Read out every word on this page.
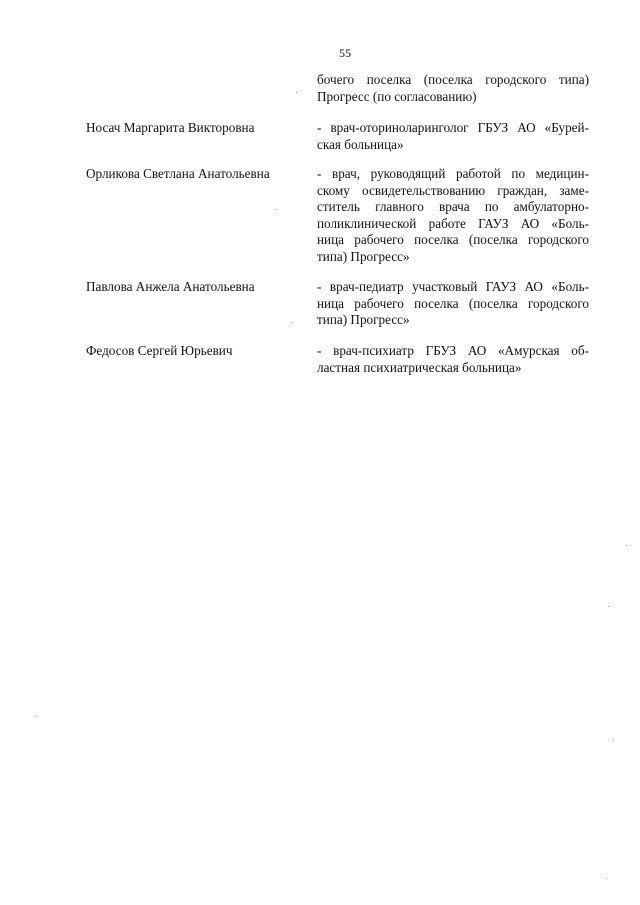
55
бочего поселка (поселка городского типа)
Прогресс (по согласованию)
Носач Маргарита Викторовна	- врач-оториноларинголог ГБУЗ АО «Бурей-
ская больница»
Орликова Светлана Анатольевна	- врач, руководящий работой по медицин-
скому освидетельствованию граждан, заме-
ститель главного врача по амбулаторно-
поликлинической работе ГАУЗ АО «Боль-
ница рабочего поселка (поселка городского
типа) Прогресс»
Павлова Анжела Анатольевна	- врач-педиатр участковый ГАУЗ АО «Боль-
ница рабочего поселка (поселка городского
типа) Прогресс»
Федосов Сергей Юрьевич	- врач-психиатр ГБУЗ АО «Амурская об-
ластная психиатрическая больница»
